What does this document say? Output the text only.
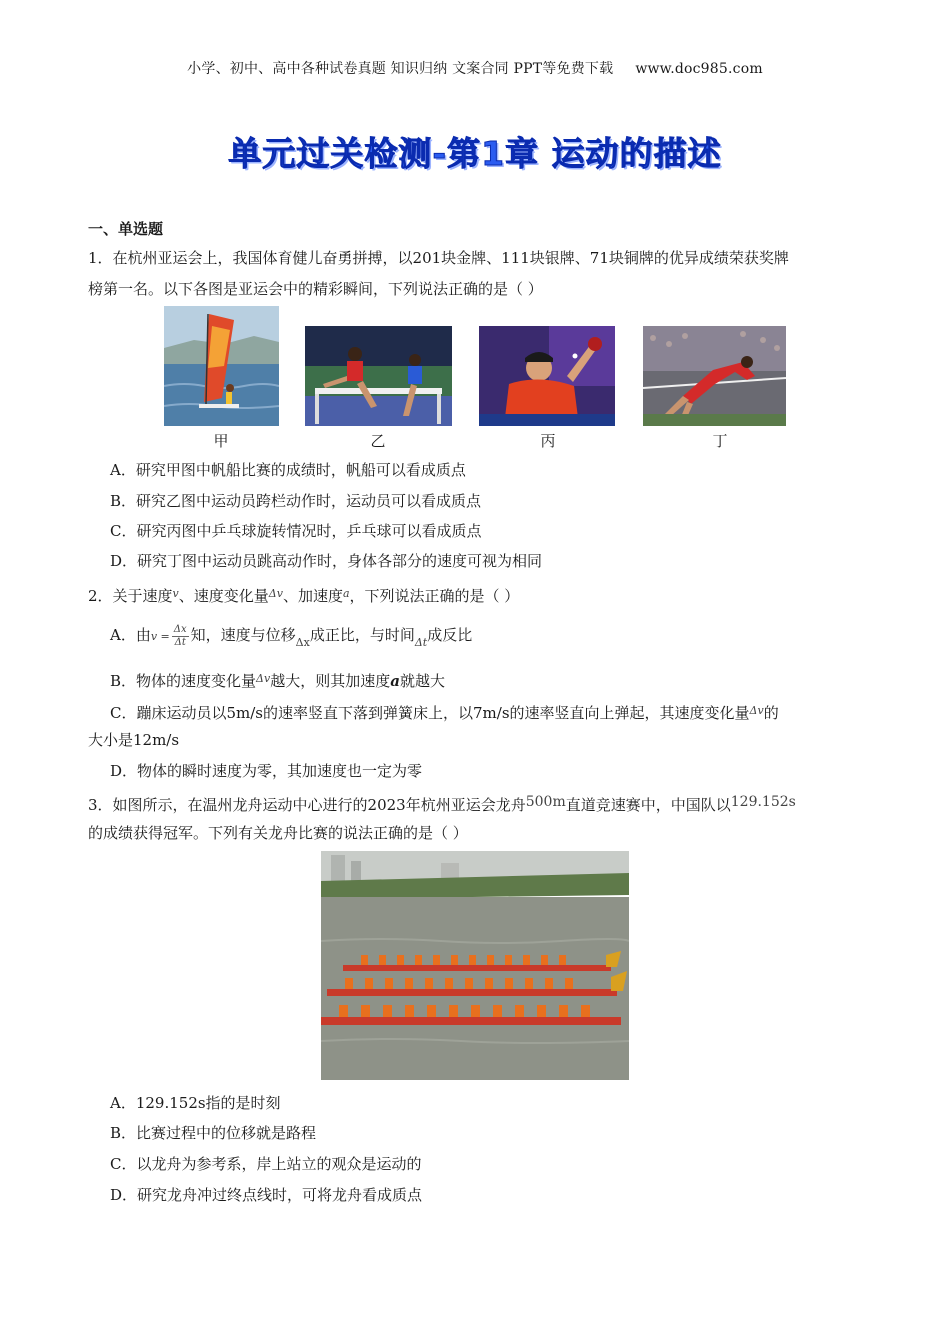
小学、初中、高中各种试卷真题 知识归纳 文案合同 PPT等免费下载 www.doc985.com
单元过关检测-第1章 运动的描述
一、单选题
1．在杭州亚运会上，我国体育健儿奋勇拼搏，以201块金牌、111块银牌、71块铜牌的优异成绩荣获奖牌
榜第一名。以下各图是亚运会中的精彩瞬间，下列说法正确的是（ ）
甲	乙	丙	丁
A．研究甲图中帆船比赛的成绩时，帆船可以看成质点
B．研究乙图中运动员跨栏动作时，运动员可以看成质点
C．研究丙图中乒乓球旋转情况时，乒乓球可以看成质点
D．研究丁图中运动员跳高动作时，身体各部分的速度可视为相同
2．关于速度$^v$、速度变化量$^{\Delta v}$、加速度$^a$，下列说法正确的是（ ）
A．由$v = \frac{\Delta x}{\Delta t}$ 知，速度与位移$_{\Delta x}$成正比，与时间$_{\Delta t}$成反比
B．物体的速度变化量$^{\Delta v}$越大，则其加速度a就越大
C．蹦床运动员以5m/s的速率竖直下落到弹簧床上，以7m/s的速率竖直向上弹起，其速度变化量$^{\Delta v}$的
大小是12m/s
D．物体的瞬时速度为零，其加速度也一定为零
3．如图所示，在温州龙舟运动中心进行的2023年杭州亚运会龙舟500m直道竞速赛中，中国队以129.152s
的成绩获得冠军。下列有关龙舟比赛的说法正确的是（ ）
A．129.152s指的是时刻
B．比赛过程中的位移就是路程
C．以龙舟为参考系，岸上站立的观众是运动的
D．研究龙舟冲过终点线时，可将龙舟看成质点
